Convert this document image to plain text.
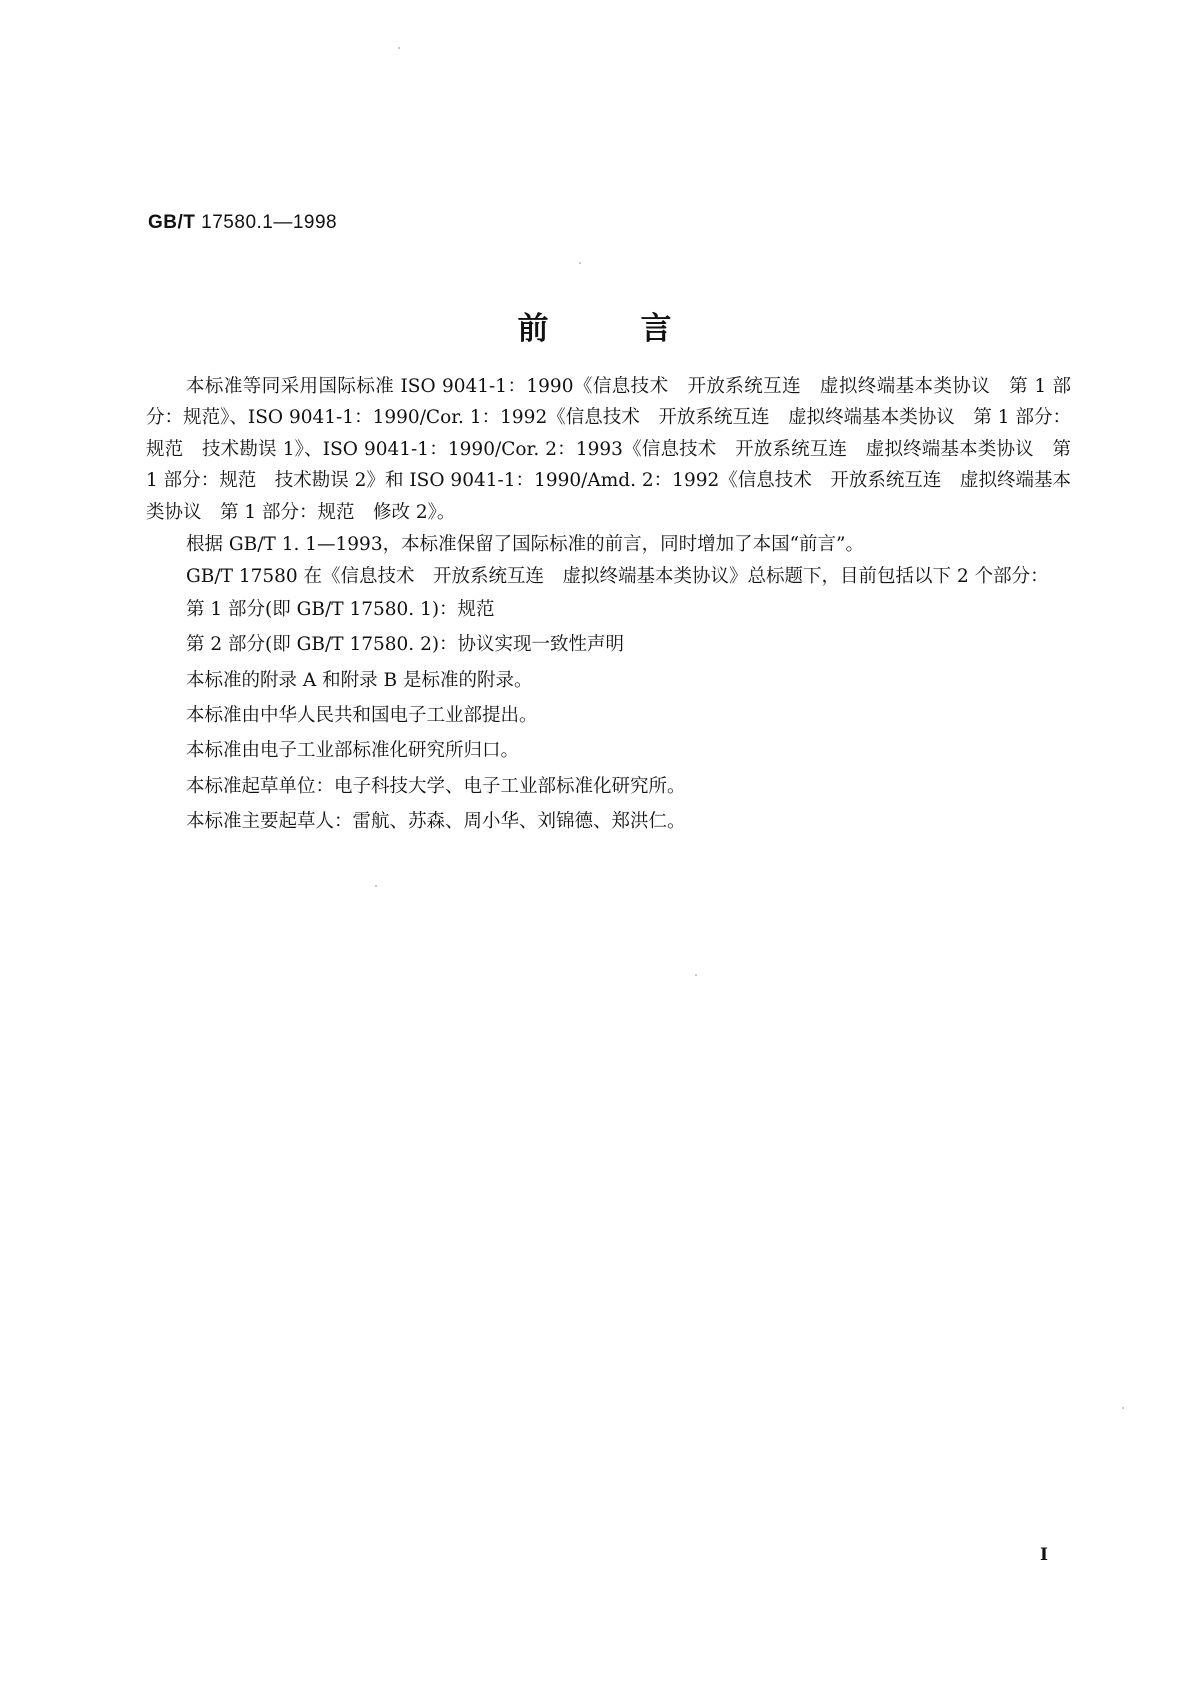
GB/T 17580.1—1998
前	言

本标准等同采用国际标准 ISO 9041-1：1990《信息技术　开放系统互连　虚拟终端基本类协议　第 1 部分：规范》、ISO 9041-1：1990/Cor. 1：1992《信息技术　开放系统互连　虚拟终端基本类协议　第 1 部分：规范　技术勘误 1》、ISO 9041-1：1990/Cor. 2：1993《信息技术　开放系统互连　虚拟终端基本类协议　第 1 部分：规范　技术勘误 2》和 ISO 9041-1：1990/Amd. 2：1992《信息技术　开放系统互连　虚拟终端基本类协议　第 1 部分：规范　修改 2》。

根据 GB/T 1. 1—1993，本标准保留了国际标准的前言，同时增加了本国“前言”。

GB/T 17580 在《信息技术　开放系统互连　虚拟终端基本类协议》总标题下，目前包括以下 2 个部分：

第 1 部分(即 GB/T 17580. 1)：规范
第 2 部分(即 GB/T 17580. 2)：协议实现一致性声明
本标准的附录 A 和附录 B 是标准的附录。
本标准由中华人民共和国电子工业部提出。
本标准由电子工业部标准化研究所归口。
本标准起草单位：电子科技大学、电子工业部标准化研究所。
本标准主要起草人：雷航、苏森、周小华、刘锦德、郑洪仁。
I
